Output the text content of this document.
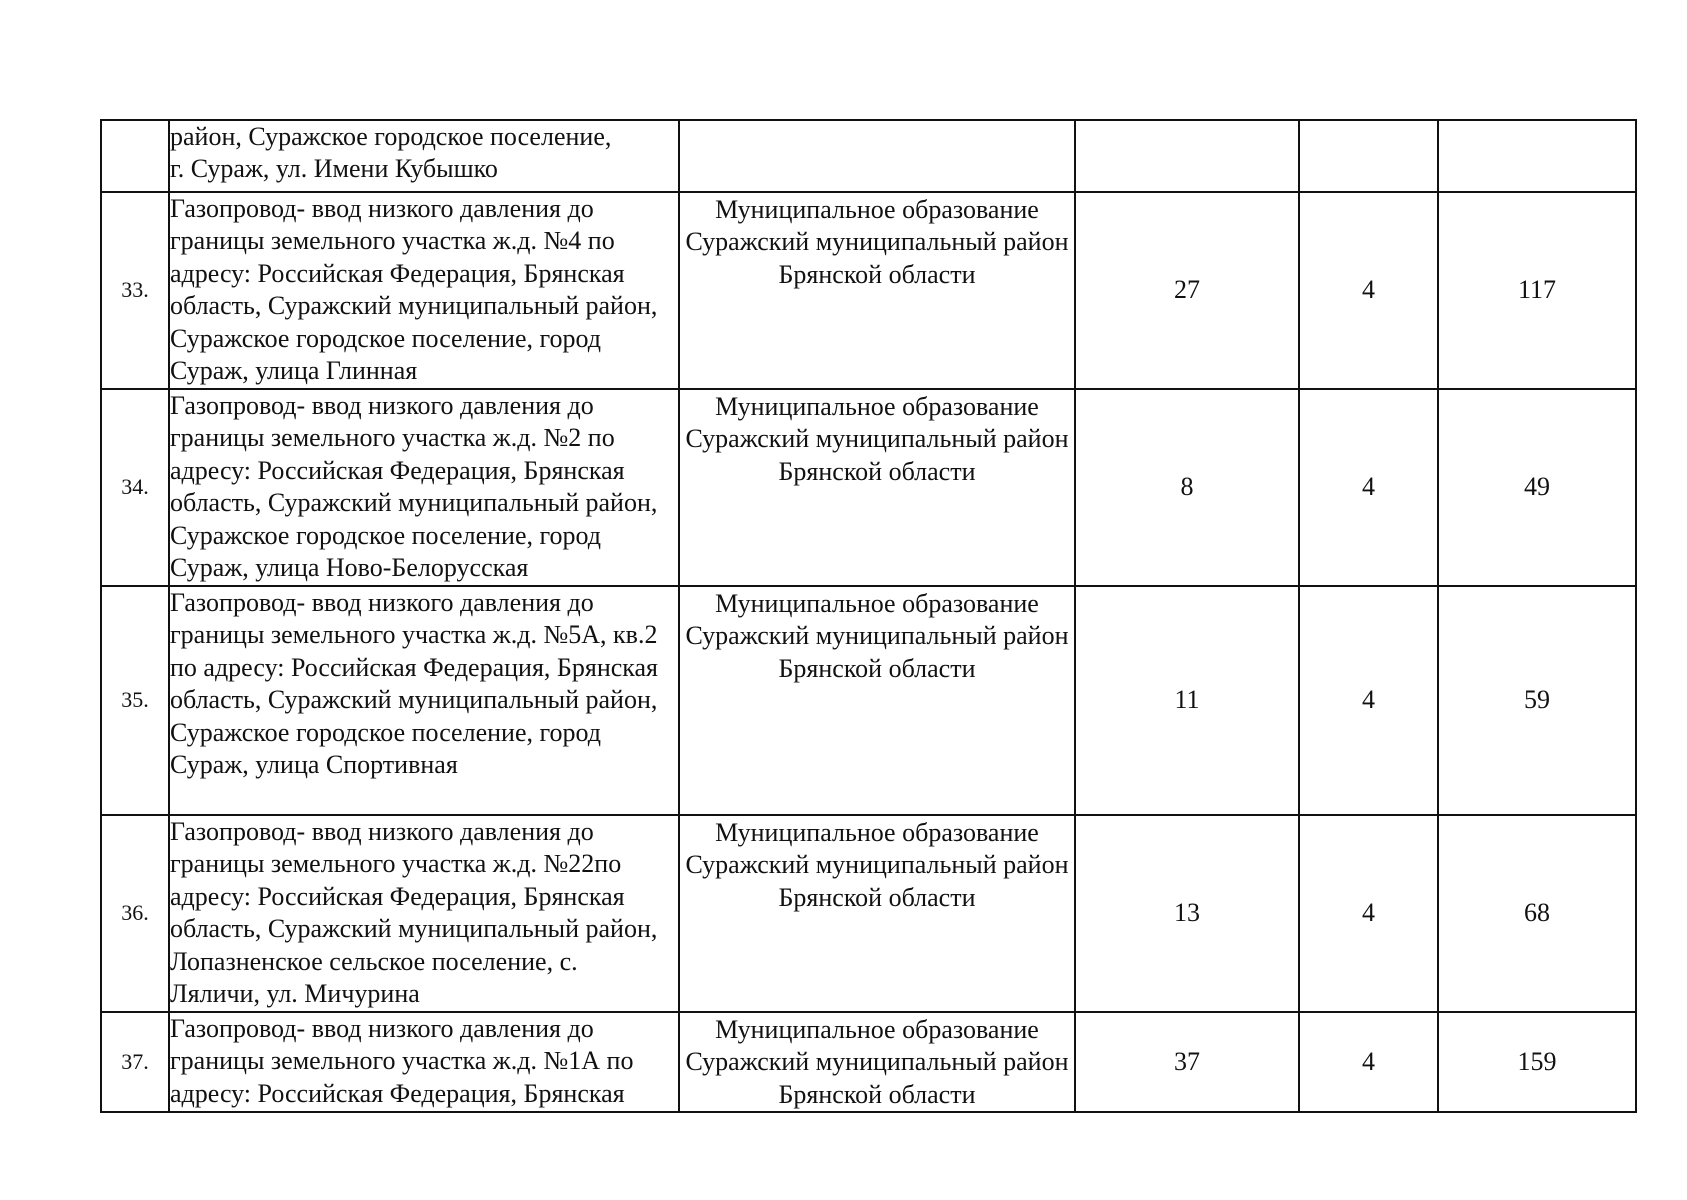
	район, Суражское городское поселение,
г. Сураж, ул. Имени Кубышко				
33.	Газопровод- ввод низкого давления до границы земельного участка ж.д. №4 по адресу: Российская Федерация, Брянская область, Суражский муниципальный район, Суражское городское поселение, город Сураж, улица Глинная	Муниципальное образование Суражский муниципальный район Брянской области	27	4	117
34.	Газопровод- ввод низкого давления до границы земельного участка ж.д. №2 по адресу: Российская Федерация, Брянская область, Суражский муниципальный район, Суражское городское поселение, город Сураж, улица Ново-Белорусская	Муниципальное образование Суражский муниципальный район Брянской области	8	4	49
35.	Газопровод- ввод низкого давления до границы земельного участка ж.д. №5А, кв.2 по адресу: Российская Федерация, Брянская область, Суражский муниципальный район, Суражское городское поселение, город Сураж, улица Спортивная	Муниципальное образование Суражский муниципальный район Брянской области	11	4	59
36.	Газопровод- ввод низкого давления до границы земельного участка ж.д. №22по адресу: Российская Федерация, Брянская область, Суражский муниципальный район, Лопазненское сельское поселение, с. Ляличи, ул. Мичурина	Муниципальное образование Суражский муниципальный район Брянской области	13	4	68
37.	Газопровод- ввод низкого давления до границы земельного участка ж.д. №1А по адресу: Российская Федерация, Брянская	Муниципальное образование Суражский муниципальный район Брянской области	37	4	159
